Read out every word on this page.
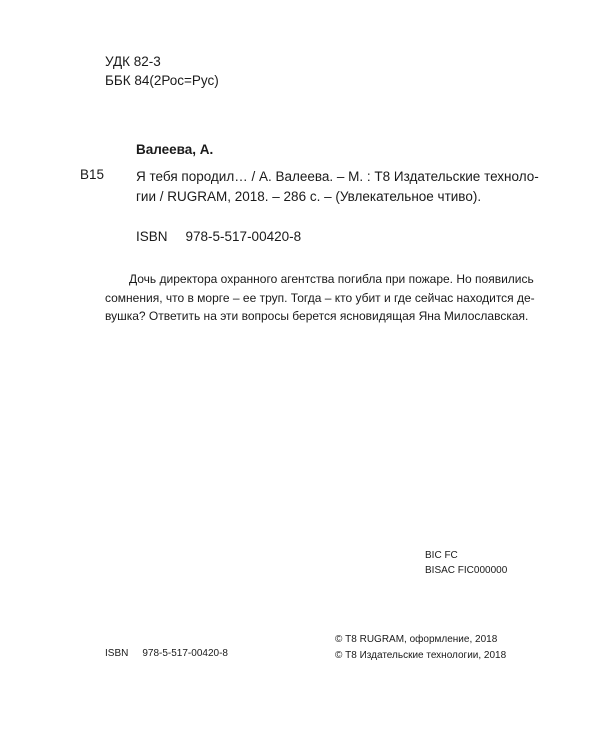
УДК 82-3
ББК 84(2Рос=Рус)
Валеева, А.
В15 Я тебя породил… / А. Валеева. – М. : Т8 Издательские техноло-
гии / RUGRAM, 2018. – 286 с. – (Увлекательное чтиво).
ISBN 978-5-517-00420-8
Дочь директора охранного агентства погибла при пожаре. Но появились
сомнения, что в морге – ее труп. Тогда – кто убит и где сейчас находится де-
вушка? Ответить на эти вопросы берется ясновидящая Яна Милославская.
BIC FC
BISAC FIC000000
© Т8 RUGRAM, оформление, 2018
© Т8 Издательские технологии, 2018
ISBN 978-5-517-00420-8
